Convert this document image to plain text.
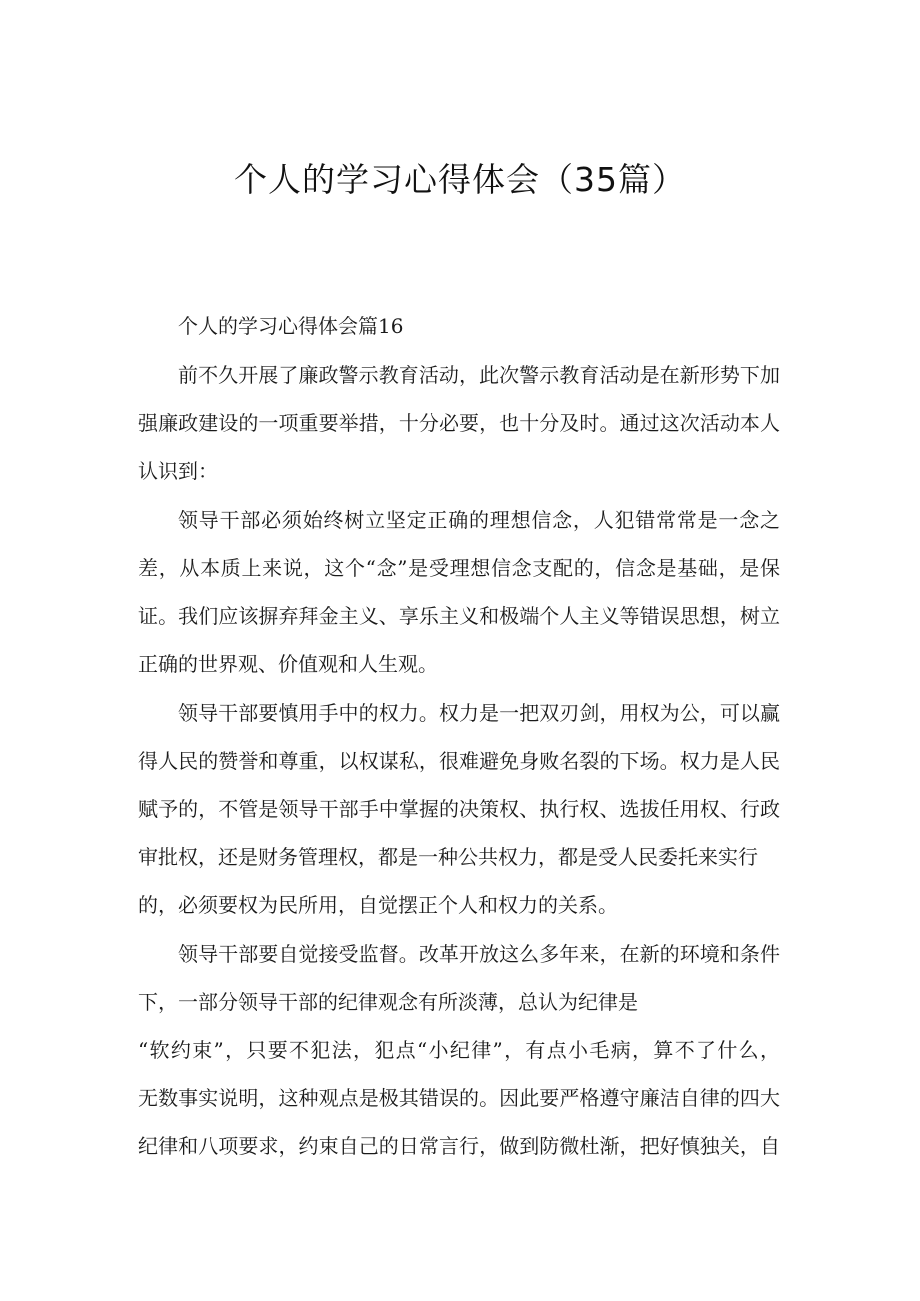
个人的学习心得体会（35篇）
个人的学习心得体会篇16
前不久开展了廉政警示教育活动，此次警示教育活动是在新形势下加
强廉政建设的一项重要举措，十分必要，也十分及时。通过这次活动本人
认识到：
领导干部必须始终树立坚定正确的理想信念，人犯错常常是一念之
差，从本质上来说，这个“念”是受理想信念支配的，信念是基础，是保
证。我们应该摒弃拜金主义、享乐主义和极端个人主义等错误思想，树立
正确的世界观、价值观和人生观。
领导干部要慎用手中的权力。权力是一把双刃剑，用权为公，可以赢
得人民的赞誉和尊重，以权谋私，很难避免身败名裂的下场。权力是人民
赋予的，不管是领导干部手中掌握的决策权、执行权、选拔任用权、行政
审批权，还是财务管理权，都是一种公共权力，都是受人民委托来实行
的，必须要权为民所用，自觉摆正个人和权力的关系。
领导干部要自觉接受监督。改革开放这么多年来，在新的环境和条件
下，一部分领导干部的纪律观念有所淡薄，总认为纪律是
“软约束”，只要不犯法，犯点“小纪律”，有点小毛病，算不了什么，
无数事实说明，这种观点是极其错误的。因此要严格遵守廉洁自律的四大
纪律和八项要求，约束自己的日常言行，做到防微杜渐，把好慎独关，自
